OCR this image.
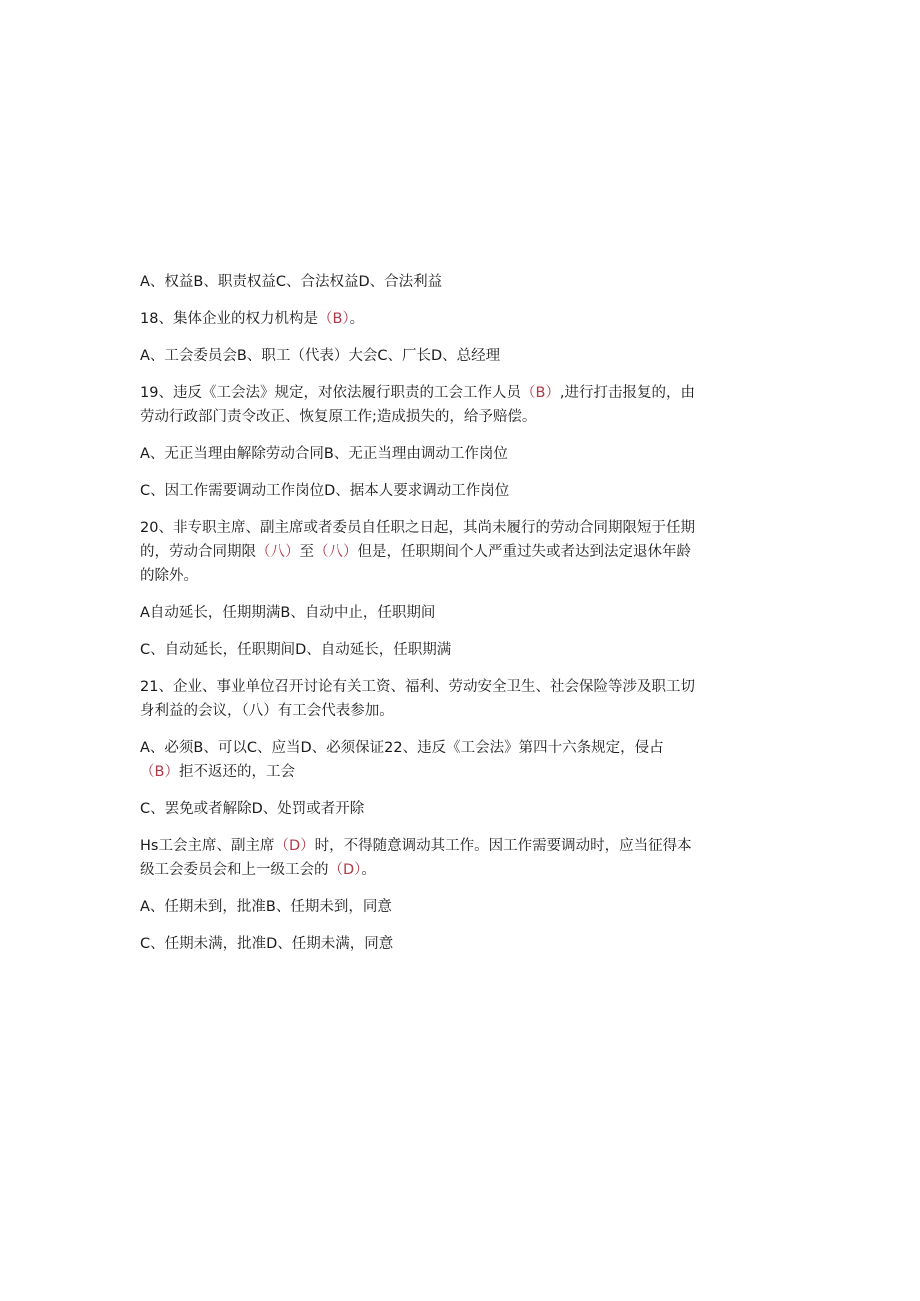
A、权益B、职责权益C、合法权益D、合法利益

18、集体企业的权力机构是（B）。

A、工会委员会B、职工（代表）大会C、厂长D、总经理

19、违反《工会法》规定，对依法履行职责的工会工作人员（B）,进行打击报复的，由劳动行政部门责令改正、恢复原工作;造成损失的，给予赔偿。

A、无正当理由解除劳动合同B、无正当理由调动工作岗位

C、因工作需要调动工作岗位D、据本人要求调动工作岗位

20、非专职主席、副主席或者委员自任职之日起，其尚未履行的劳动合同期限短于任期的，劳动合同期限（八）至（八）但是，任职期间个人严重过失或者达到法定退休年龄的除外。

A自动延长，任期期满B、自动中止，任职期间

C、自动延长，任职期间D、自动延长，任职期满

21、企业、事业单位召开讨论有关工资、福利、劳动安全卫生、社会保险等涉及职工切身利益的会议，（八）有工会代表参加。

A、必须B、可以C、应当D、必须保证22、违反《工会法》第四十六条规定，侵占（B）拒不返还的，工会

C、罢免或者解除D、处罚或者开除

Hs工会主席、副主席（D）时，不得随意调动其工作。因工作需要调动时，应当征得本级工会委员会和上一级工会的（D）。

A、任期未到，批准B、任期未到，同意

C、任期未满，批准D、任期未满，同意
